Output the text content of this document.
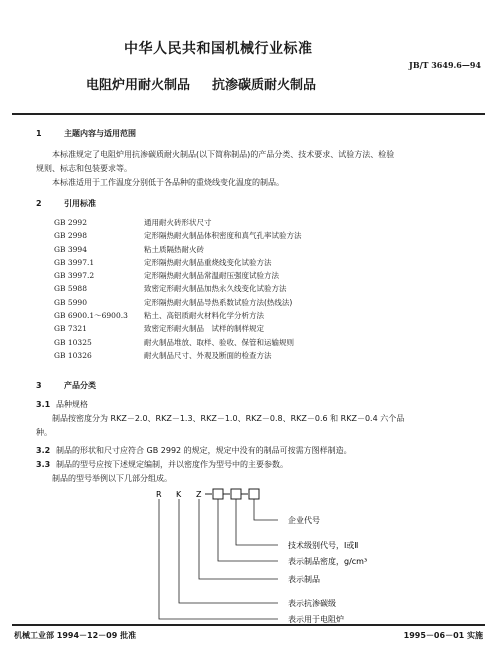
中华人民共和国机械行业标准
JB/T 3649.6—94
电阻炉用耐火制品 抗渗碳质耐火制品
1	主题内容与适用范围
本标准规定了电阻炉用抗渗碳质耐火制品(以下简称制品)的产品分类、技术要求、试验方法、检验
规则、标志和包装要求等。
本标准适用于工作温度分别低于各品种的重烧线变化温度的制品。
2	引用标准
GB 2992	通用耐火砖形状尺寸
GB 2998	定形隔热耐火制品体积密度和真气孔率试验方法
GB 3994	粘土质隔热耐火砖
GB 3997.1	定形隔热耐火制品重烧线变化试验方法
GB 3997.2	定形隔热耐火制品常温耐压强度试验方法
GB 5988	致密定形耐火制品加热永久线变化试验方法
GB 5990	定形隔热耐火制品导热系数试验方法(热线法)
GB 6900.1～6900.3	粘土、高铝质耐火材料化学分析方法
GB 7321	致密定形耐火制品　试样的制样规定
GB 10325	耐火制品堆放、取样、验收、保管和运输规则
GB 10326	耐火制品尺寸、外观及断面的检查方法
3	产品分类
3.1 品种规格
制品按密度分为 RKZ－2.0、RKZ－1.3、RKZ－1.0、RKZ－0.8、RKZ－0.6 和 RKZ－0.4 六个品
种。
3.2 制品的形状和尺寸应符合 GB 2992 的规定，规定中没有的制品可按需方图样制造。
3.3 制品的型号应按下述规定编制，并以密度作为型号中的主要参数。
制品的型号举例以下几部分组成。
R K Z
企业代号
技术级别代号，Ⅰ或Ⅱ
表示制品密度，g/cm³
表示制品
表示抗渗碳级
表示用于电阻炉
机械工业部 1994－12－09 批准	1995－06－01 实施
